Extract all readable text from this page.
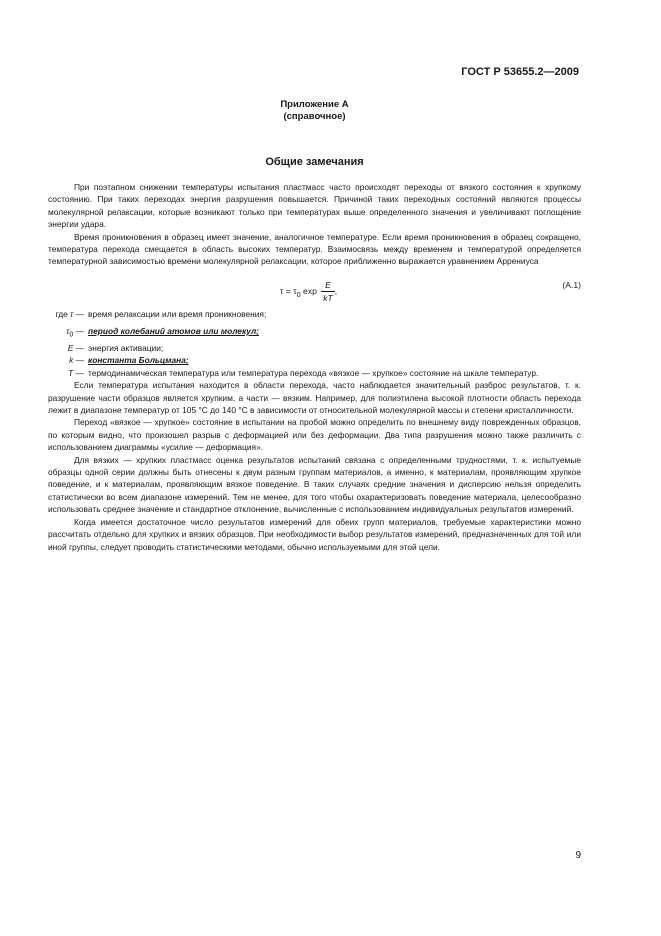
ГОСТ Р 53655.2—2009
Приложение А
(справочное)
Общие замечания

При поэтапном снижении температуры испытания пластмасс часто происходят переходы от вязкого состояния к хрупкому состоянию. При таких переходах энергия разрушения повышается. Причиной таких переходных состояний являются процессы молекулярной релаксации, которые возникают только при температурах выше определенного значения и увеличивают поглощение энергии удара.

Время проникновения в образец имеет значение, аналогичное температуре. Если время проникновения в образец сокращено, температура перехода смещается в область высоких температур. Взаимосвязь между временем и температурой определяется температурной зависимостью времени молекулярной релаксации, которое приближенно выражается уравнением Аррениуса

$\tau = \tau_0$ $\exp \frac{E}{kT}$ ,
(А.1)
где τ — время релаксации или время проникновения;
$\tau_0$ — период колебаний атомов или молекул;
E — энергия активации;
k — константа Больцмана;
T — термодинамическая температура или температура перехода «вязкое — хрупкое» состояние на шкале температур.

Если температура испытания находится в области перехода, часто наблюдается значительный разброс результатов, т. к. разрушение части образцов является хрупким, а части — вязким. Например, для полиэтилена высокой плотности область перехода лежит в диапазоне температур от 105 °С до 140 °С в зависимости от относительной молекулярной массы и степени кристалличности.

Переход «вязкое — хрупкое» состояние в испытании на пробой можно определить по внешнему виду поврежденных образцов, по которым видно, что произошел разрыв с деформацией или без деформации. Два типа разрушения можно также различить с использованием диаграммы «усилие — деформация».

Для вязких — хрупких пластмасс оценка результатов испытаний связана с определенными трудностями, т. к. испытуемые образцы одной серии должны быть отнесены к двум разным группам материалов, а именно, к материалам, проявляющим хрупкое поведение, и к материалам, проявляющим вязкое поведение. В таких случаях средние значения и дисперсию нельзя определить статистически во всем диапазоне измерений. Тем не менее, для того чтобы охарактеризовать поведение материала, целесообразно использовать среднее значение и стандартное отклонение, вычисленные с использованием индивидуальных результатов измерений.

Когда имеется достаточное число результатов измерений для обеих групп материалов, требуемые характеристики можно рассчитать отдельно для хрупких и вязких образцов. При необходимости выбор результатов измерений, предназначенных для той или иной группы, следует проводить статистическими методами, обычно используемыми для этой цели.

9
